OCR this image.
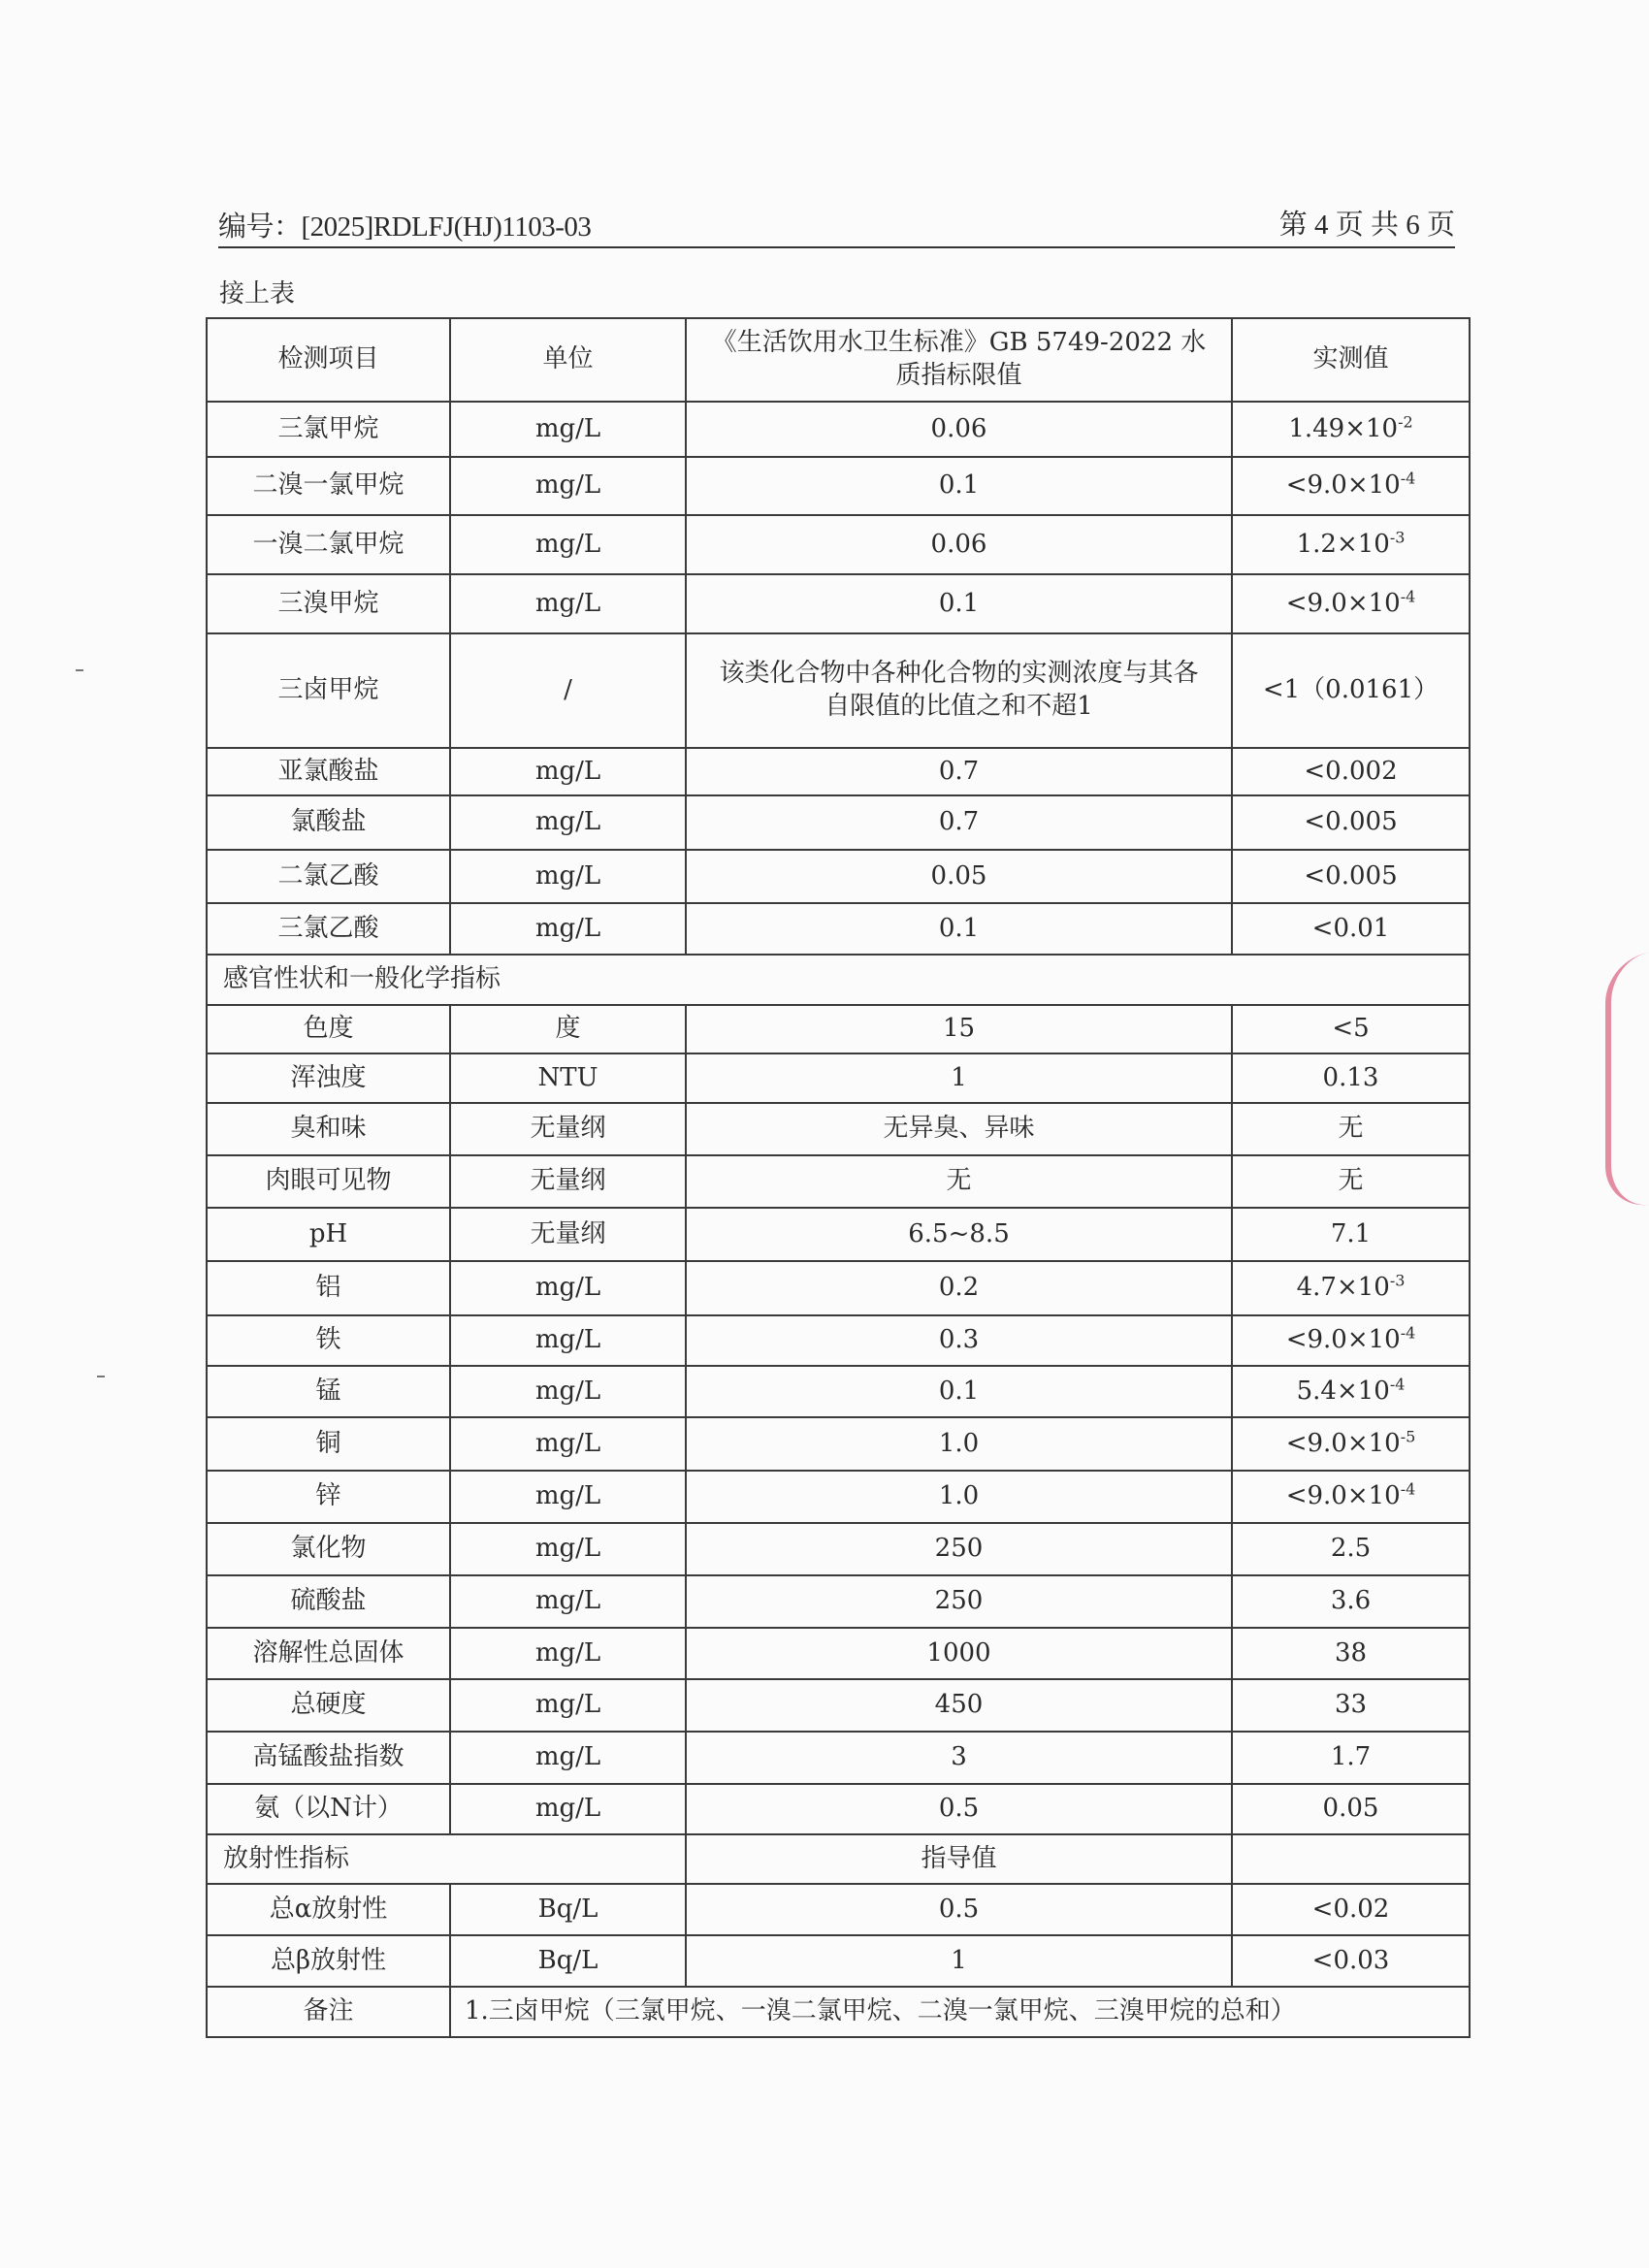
编号：[2025]RDLFJ(HJ)1103-03	第 4 页 共 6 页
接上表
检测项目	单位	《生活饮用水卫生标准》GB 5749-2022 水质指标限值	实测值
三氯甲烷	mg/L	0.06	$1.49\times 10^{-2}$
二溴一氯甲烷	mg/L	0.1	$<9.0\times 10^{-4}$
一溴二氯甲烷	mg/L	0.06	$1.2\times 10^{-3}$
三溴甲烷	mg/L	0.1	$<9.0\times 10^{-4}$
三卤甲烷	/	该类化合物中各种化合物的实测浓度与其各自限值的比值之和不超1	<1（0.0161）
亚氯酸盐	mg/L	0.7	<0.002
氯酸盐	mg/L	0.7	<0.005
二氯乙酸	mg/L	0.05	<0.005
三氯乙酸	mg/L	0.1	<0.01
感官性状和一般化学指标			
色度	度	15	<5
浑浊度	NTU	1	0.13
臭和味	无量纲	无异臭、异味	无
肉眼可见物	无量纲	无	无
pH	无量纲	6.5~8.5	7.1
铝	mg/L	0.2	$4.7\times 10^{-3}$
铁	mg/L	0.3	$<9.0\times 10^{-4}$
锰	mg/L	0.1	$5.4\times 10^{-4}$
铜	mg/L	1.0	$<9.0\times 10^{-5}$
锌	mg/L	1.0	$<9.0\times 10^{-4}$
氯化物	mg/L	250	2.5
硫酸盐	mg/L	250	3.6
溶解性总固体	mg/L	1000	38
总硬度	mg/L	450	33
高锰酸盐指数	mg/L	3	1.7
氨（以N计）	mg/L	0.5	0.05
放射性指标		指导值	
总α放射性	Bq/L	0.5	<0.02
总β放射性	Bq/L	1	<0.03
备注	1.三卤甲烷（三氯甲烷、一溴二氯甲烷、二溴一氯甲烷、三溴甲烷的总和）		
